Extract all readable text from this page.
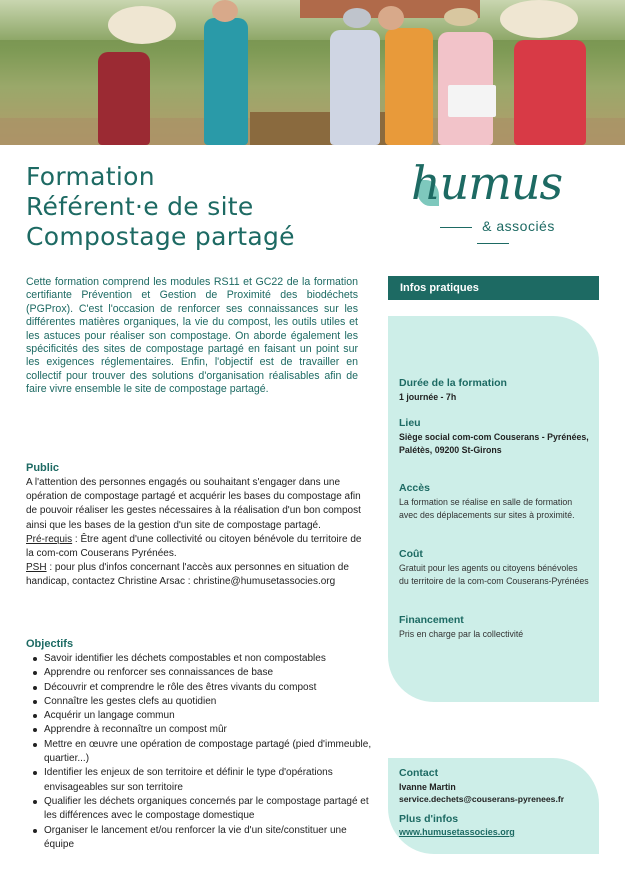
Formation
Référent·e de site
Compostage partagé
humus
& associés
Cette formation comprend les modules RS11 et GC22 de la formation certifiante Prévention et Gestion de Proximité des biodéchets (PGProx). C'est l'occasion de renforcer ses connaissances sur les différentes matières organiques, la vie du compost, les outils utiles et les astuces pour réaliser son compostage. On aborde également les spécificités des sites de compostage partagé en faisant un point sur les exigences réglementaires. Enfin, l'objectif est de travailler en collectif pour trouver des solutions d'organisation réalisables afin de faire vivre ensemble le site de compostage partagé.
Public
A l'attention des personnes engagés ou souhaitant s'engager dans une opération de compostage partagé et acquérir les bases du compostage afin de pouvoir réaliser les gestes nécessaires à la réalisation d'un bon compost ainsi que les bases de la gestion d'un site de compostage partagé.
Pré-requis : Être agent d'une collectivité ou citoyen bénévole du territoire de la com-com Couserans Pyrénées.
PSH : pour plus d'infos concernant l'accès aux personnes en situation de handicap, contactez Christine Arsac : christine@humusetassocies.org
Objectifs
Savoir identifier les déchets compostables et non compostables
Apprendre ou renforcer ses connaissances de base
Découvrir et comprendre le rôle des êtres vivants du compost
Connaître les gestes clefs au quotidien
Acquérir un langage commun
Apprendre à reconnaître un compost mûr
Mettre en œuvre une opération de compostage partagé (pied d'immeuble, quartier...)
Identifier les enjeux de son territoire et définir le type d'opérations envisageables sur son territoire
Qualifier les déchets organiques concernés par le compostage partagé et les différences avec le compostage domestique
Organiser le lancement et/ou renforcer la vie d'un site/constituer une équipe
Infos pratiques
Durée de la formation
1 journée - 7h
Lieu
Siège social com-com Couserans - Pyrénées, Palétès, 09200 St-Girons
Accès
La formation se réalise en salle de formation avec des déplacements sur sites à proximité.
Coût
Gratuit pour les agents ou citoyens bénévoles du territoire de la com-com Couserans-Pyrénées
Financement
Pris en charge par la collectivité
Contact
Ivanne Martin
service.dechets@couserans-pyrenees.fr
Plus d'infos
www.humusetassocies.org
